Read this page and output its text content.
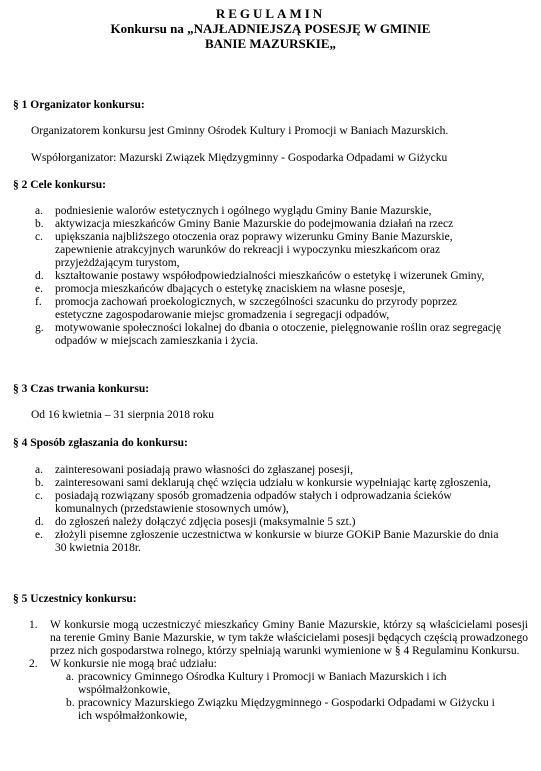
REGULAMIN
Konkursu na „NAJŁADNIEJSZĄ POSESJĘ W GMINIE
BANIE MAZURSKIE„
§ 1 Organizator konkursu:
Organizatorem konkursu jest Gminny Ośrodek Kultury i Promocji w Baniach Mazurskich.
Współorganizator: Mazurski Związek Międzygminny - Gospodarka Odpadami w Giżycku
§ 2 Cele konkursu:
a. podniesienie walorów estetycznych i ogólnego wyglądu Gminy Banie Mazurskie,
b. aktywizacja mieszkańców Gminy Banie Mazurskie do podejmowania działań na rzecz
c. upiększania najbliższego otoczenia oraz poprawy wizerunku Gminy Banie Mazurskie, zapewnienie atrakcyjnych warunków do rekreacji i wypoczynku mieszkańcom oraz przyjeżdżającym turystom,
d. kształtowanie postawy współodpowiedzialności mieszkańców o estetykę i wizerunek Gminy,
e. promocja mieszkańców dbających o estetykę znaciskiem na własne posesje,
f. promocja zachowań proekologicznych, w szczególności szacunku do przyrody poprzez estetyczne zagospodarowanie miejsc gromadzenia i segregacji odpadów,
g. motywowanie społeczności lokalnej do dbania o otoczenie, pielęgnowanie roślin oraz segregację odpadów w miejscach zamieszkania i życia.
§ 3 Czas trwania konkursu:
Od 16 kwietnia – 31 sierpnia 2018 roku
§ 4 Sposób zgłaszania do konkursu:
a. zainteresowani posiadają prawo własności do zgłaszanej posesji,
b. zainteresowani sami deklarują chęć wzięcia udziału w konkursie wypełniając kartę zgłoszenia,
c. posiadają rozwiązany sposób gromadzenia odpadów stałych i odprowadzania ścieków komunalnych (przedstawienie stosownych umów),
d. do zgłoszeń należy dołączyć zdjęcia posesji (maksymalnie 5 szt.)
e. złożyli pisemne zgłoszenie uczestnictwa w konkursie w biurze GOKiP Banie Mazurskie do dnia 30 kwietnia 2018r.
§ 5 Uczestnicy konkursu:
1. W konkursie mogą uczestniczyć mieszkańcy Gminy Banie Mazurskie, którzy są właścicielami posesji na terenie Gminy Banie Mazurskie, w tym także właścicielami posesji będących częścią prowadzonego przez nich gospodarstwa rolnego, którzy spełniają warunki wymienione w § 4 Regulaminu Konkursu.
2. W konkursie nie mogą brać udziału:
a. pracownicy Gminnego Ośrodka Kultury i Promocji w Baniach Mazurskich i ich współmałżonkowie,
b. pracownicy Mazurskiego Związku Międzygminnego - Gospodarki Odpadami w Giżycku i ich współmałżonkowie,
